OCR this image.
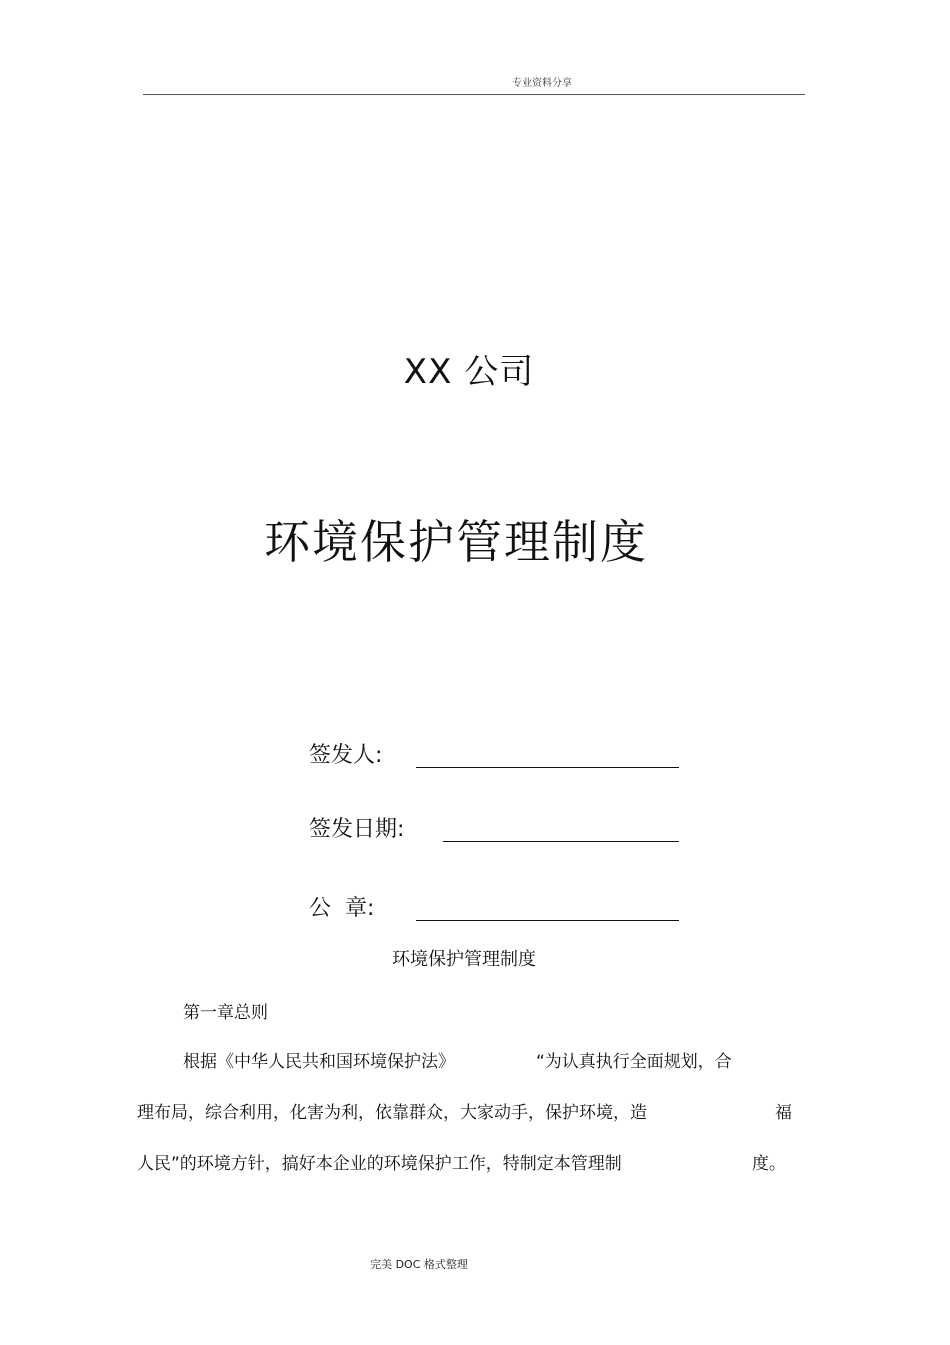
专业资料分享
XX 公司
环境保护管理制度
签发人:
签发日期:
公  章:
环境保护管理制度
第一章总则
根据《中华人民共和国环境保护法》	“为认真执行全面规划，合
理布局，综合利用，化害为利，依靠群众，大家动手，保护环境，造	福
人民”的环境方针，搞好本企业的环境保护工作，特制定本管理制	度。
完美 DOC 格式整理
